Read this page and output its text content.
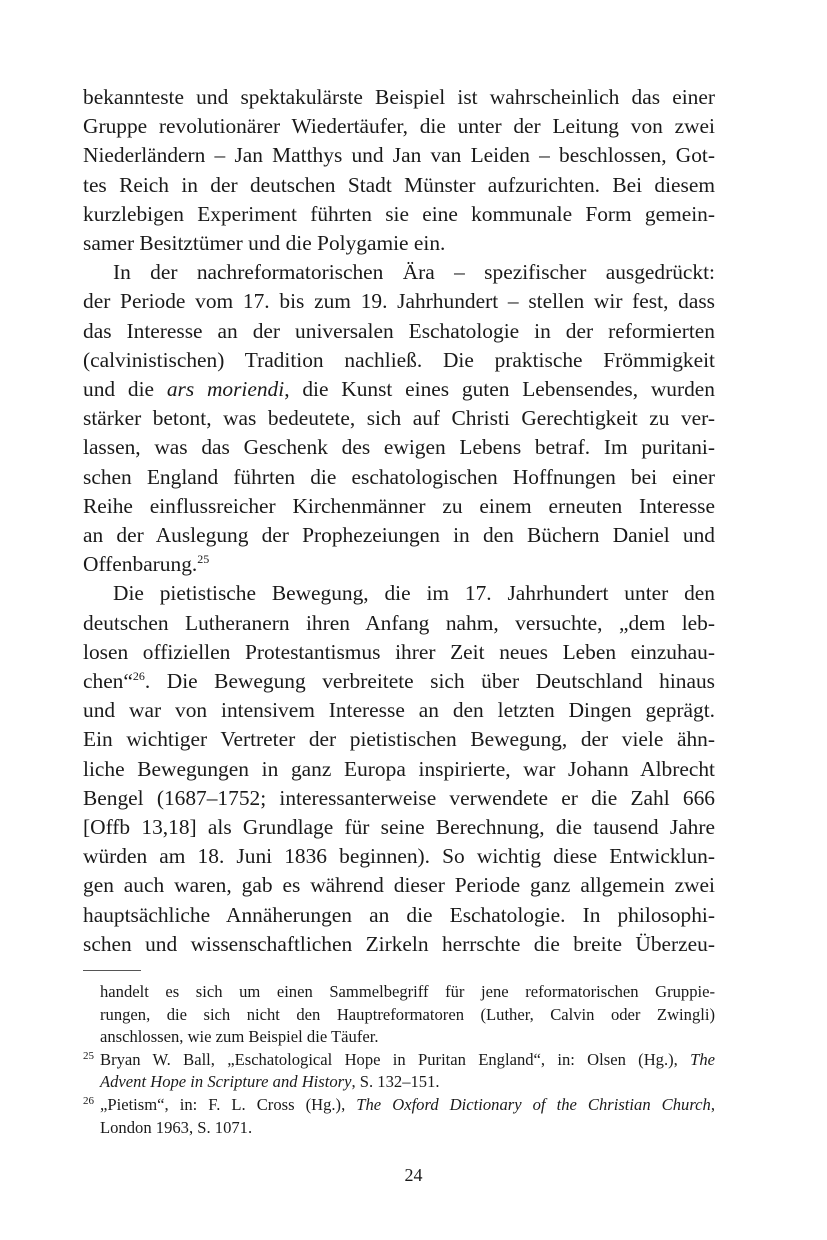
bekannteste und spektakulärste Beispiel ist wahrscheinlich das einer
Gruppe revolutionärer Wiedertäufer, die unter der Leitung von zwei
Niederländern – Jan Matthys und Jan van Leiden – beschlossen, Got-
tes Reich in der deutschen Stadt Münster aufzurichten. Bei diesem
kurzlebigen Experiment führten sie eine kommunale Form gemein-
samer Besitztümer und die Polygamie ein.

In der nachreformatorischen Ära – spezifischer ausgedrückt:
der Periode vom 17. bis zum 19. Jahrhundert – stellen wir fest, dass
das Interesse an der universalen Eschatologie in der reformierten
(calvinistischen) Tradition nachließ. Die praktische Frömmigkeit
und die ars moriendi, die Kunst eines guten Lebensendes, wurden
stärker betont, was bedeutete, sich auf Christi Gerechtigkeit zu ver-
lassen, was das Geschenk des ewigen Lebens betraf. Im puritani-
schen England führten die eschatologischen Hoffnungen bei einer
Reihe einflussreicher Kirchenmänner zu einem erneuten Interesse
an der Auslegung der Prophezeiungen in den Büchern Daniel und
Offenbarung.$^{25}$

Die pietistische Bewegung, die im 17. Jahrhundert unter den
deutschen Lutheranern ihren Anfang nahm, versuchte, „dem leb-
losen offiziellen Protestantismus ihrer Zeit neues Leben einzuhau-
chen“$^{26}$. Die Bewegung verbreitete sich über Deutschland hinaus
und war von intensivem Interesse an den letzten Dingen geprägt.
Ein wichtiger Vertreter der pietistischen Bewegung, der viele ähn-
liche Bewegungen in ganz Europa inspirierte, war Johann Albrecht
Bengel (1687–1752; interessanterweise verwendete er die Zahl 666
[Offb 13,18] als Grundlage für seine Berechnung, die tausend Jahre
würden am 18. Juni 1836 beginnen). So wichtig diese Entwicklun-
gen auch waren, gab es während dieser Periode ganz allgemein zwei
hauptsächliche Annäherungen an die Eschatologie. In philosophi-
schen und wissenschaftlichen Zirkeln herrschte die breite Überzeu-

handelt es sich um einen Sammelbegriff für jene reformatorischen Gruppie-
rungen, die sich nicht den Hauptreformatoren (Luther, Calvin oder Zwingli)
anschlossen, wie zum Beispiel die Täufer.
25 Bryan W. Ball, „Eschatological Hope in Puritan England“, in: Olsen (Hg.), The
Advent Hope in Scripture and History, S. 132–151.
26 „Pietism“, in: F. L. Cross (Hg.), The Oxford Dictionary of the Christian Church,
London 1963, S. 1071.
24
